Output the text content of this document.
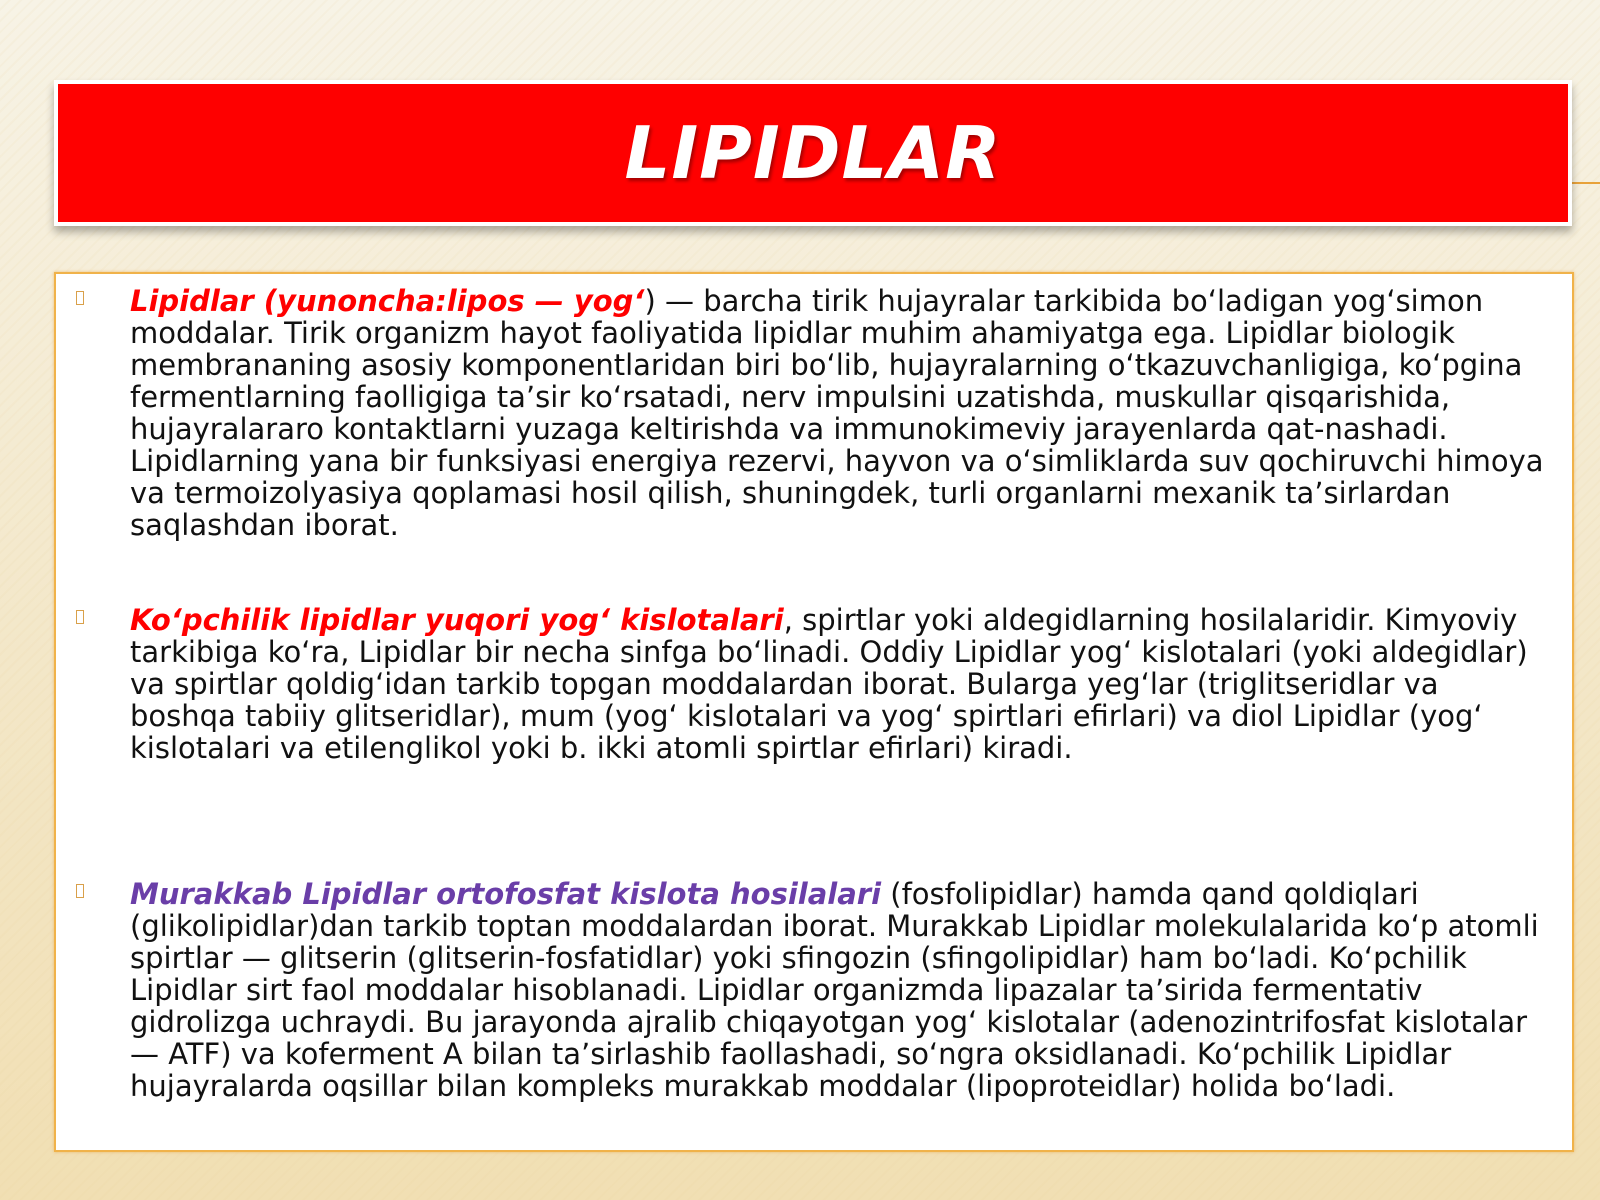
LIPIDLAR
Lipidlar (yunoncha:lipos — yog‘) — barcha tirik hujayralar tarkibida bo‘ladigan yog‘simon moddalar. Tirik organizm hayot faoliyatida lipidlar muhim ahamiyatga ega. Lipidlar biologik membrananing asosiy komponentlaridan biri bo‘lib, hujayralarning o‘tkazuvchanligiga, ko‘pgina fermentlarning faolligiga ta’sir ko‘rsatadi, nerv impulsini uzatishda, muskullar qisqarishida, hujayralararo kontaktlarni yuzaga keltirishda va immunokimeviy jarayenlarda qat-nashadi. Lipidlarning yana bir funksiyasi energiya rezervi, hayvon va o‘simliklarda suv qochiruvchi himoya va termoizolyasiya qoplamasi hosil qilish, shuningdek, turli organlarni mexanik ta’sirlardan saqlashdan iborat.
Ko‘pchilik lipidlar yuqori yog‘ kislotalari, spirtlar yoki aldegidlarning hosilalaridir. Kimyoviy tarkibiga ko‘ra, Lipidlar bir necha sinfga bo‘linadi. Oddiy Lipidlar yog‘ kislotalari (yoki aldegidlar) va spirtlar qoldig‘idan tarkib topgan moddalardan iborat. Bularga yeg‘lar (triglitseridlar va boshqa tabiiy glitseridlar), mum (yog‘ kislotalari va yog‘ spirtlari efirlari) va diol Lipidlar (yog‘ kislotalari va etilenglikol yoki b. ikki atomli spirtlar efirlari) kiradi.
Murakkab Lipidlar ortofosfat kislota hosilalari (fosfolipidlar) hamda qand qoldiqlari (glikolipidlar)dan tarkib toptan moddalardan iborat. Murakkab Lipidlar molekulalarida ko‘p atomli spirtlar — glitserin (glitserin-fosfatidlar) yoki sfingozin (sfingolipidlar) ham bo‘ladi. Ko‘pchilik Lipidlar sirt faol moddalar hisoblanadi. Lipidlar organizmda lipazalar ta’sirida fermentativ gidrolizga uchraydi. Bu jarayonda ajralib chiqayotgan yog‘ kislotalar (adenozintrifosfat kislotalar — ATF) va koferment A bilan ta’sirlashib faollashadi, so‘ngra oksidlanadi. Ko‘pchilik Lipidlar hujayralarda oqsillar bilan kompleks murakkab moddalar (lipoproteidlar) holida bo‘ladi.
